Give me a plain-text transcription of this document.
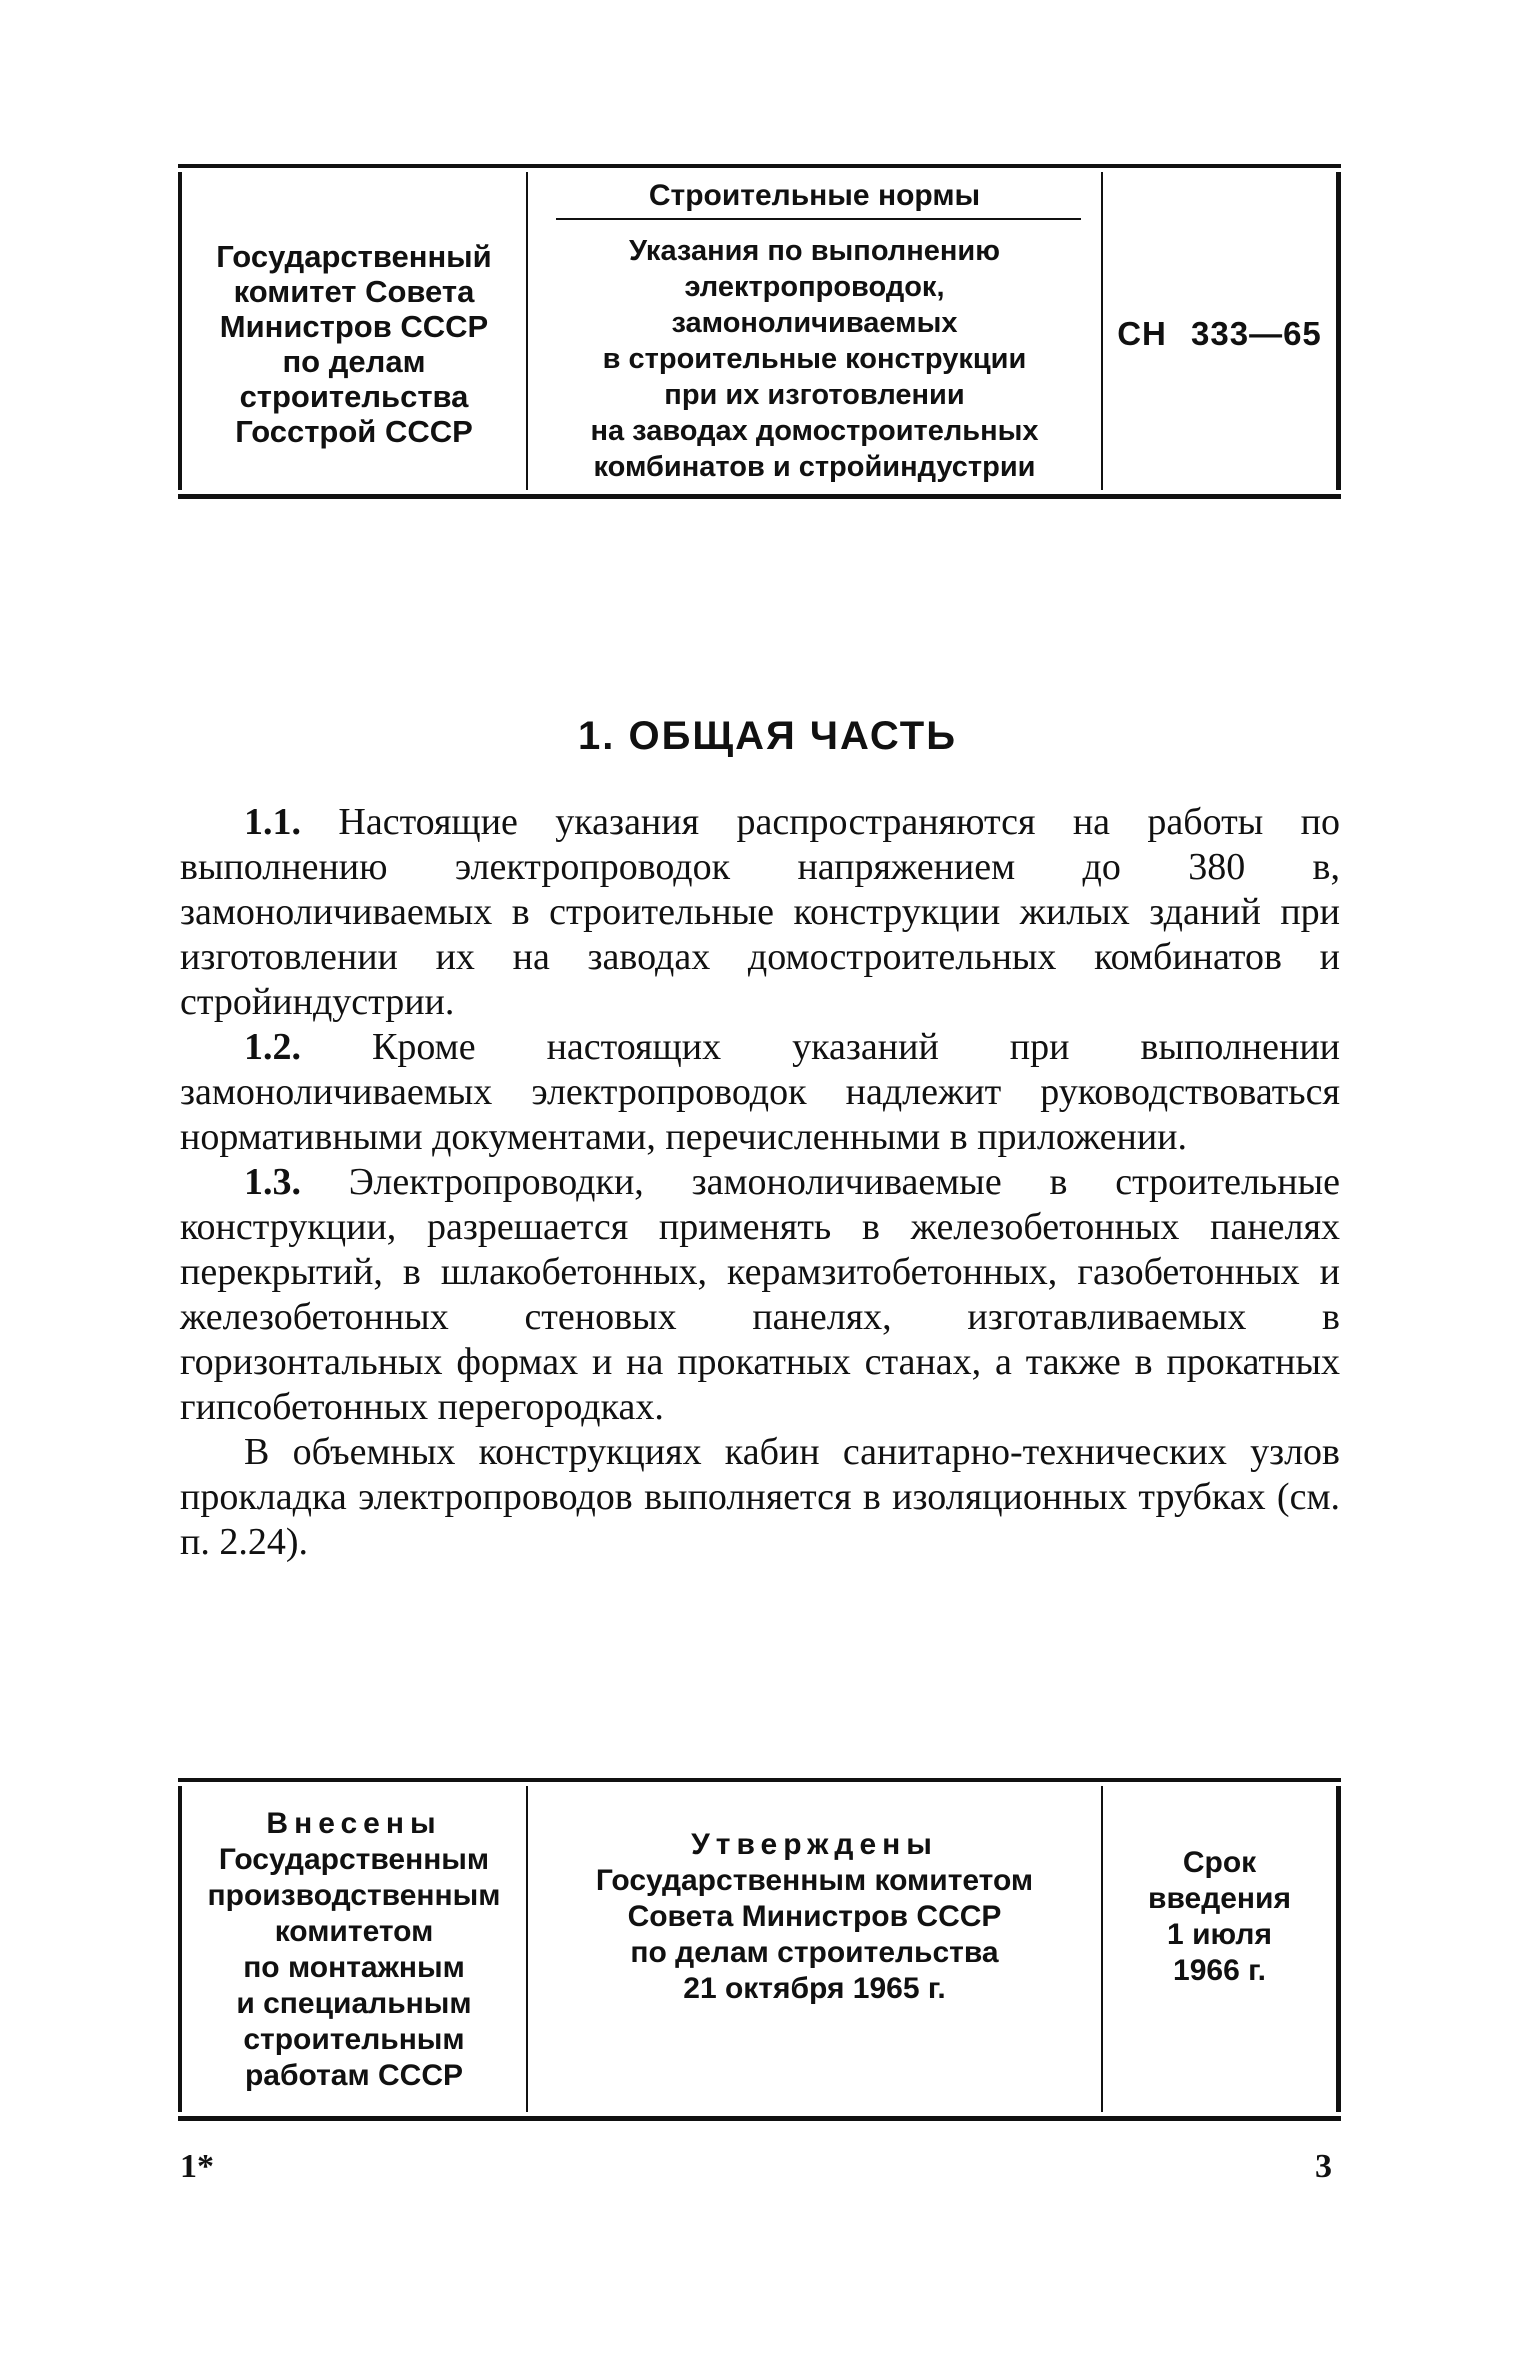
Государственный
комитет Совета
Министров СССР
по делам
строительства
Госстрой СССР
Строительные нормы
Указания по выполнению
электропроводок,
замоноличиваемых
в строительные конструкции
при их изготовлении
на заводах домостроительных
комбинатов и стройиндустрии
СН 333—65
1. ОБЩАЯ ЧАСТЬ

1.1. Настоящие указания распространяются на работы по выполнению электропроводок напряжением до 380 в, замоноличиваемых в строительные конструкции жилых зданий при изготовлении их на заводах домостроительных комбинатов и стройиндустрии.

1.2. Кроме настоящих указаний при выполнении замоноличиваемых электропроводок надлежит руководствоваться нормативными документами, перечисленными в приложении.

1.3. Электропроводки, замоноличиваемые в строительные конструкции, разрешается применять в железобетонных панелях перекрытий, в шлакобетонных, керамзитобетонных, газобетонных и железобетонных стеновых панелях, изготавливаемых в горизонтальных формах и на прокатных станах, а также в прокатных гипсобетонных перегородках.

В объемных конструкциях кабин санитарно-технических узлов прокладка электропроводов выполняется в изоляционных трубках (см. п. 2.24).

Внесены
Государственным
производственным
комитетом
по монтажным
и специальным
строительным
работам СССР
Утверждены
Государственным комитетом
Совета Министров СССР
по делам строительства
21 октября 1965 г.
Срок
введения
1 июля
1966 г.
1*	3
